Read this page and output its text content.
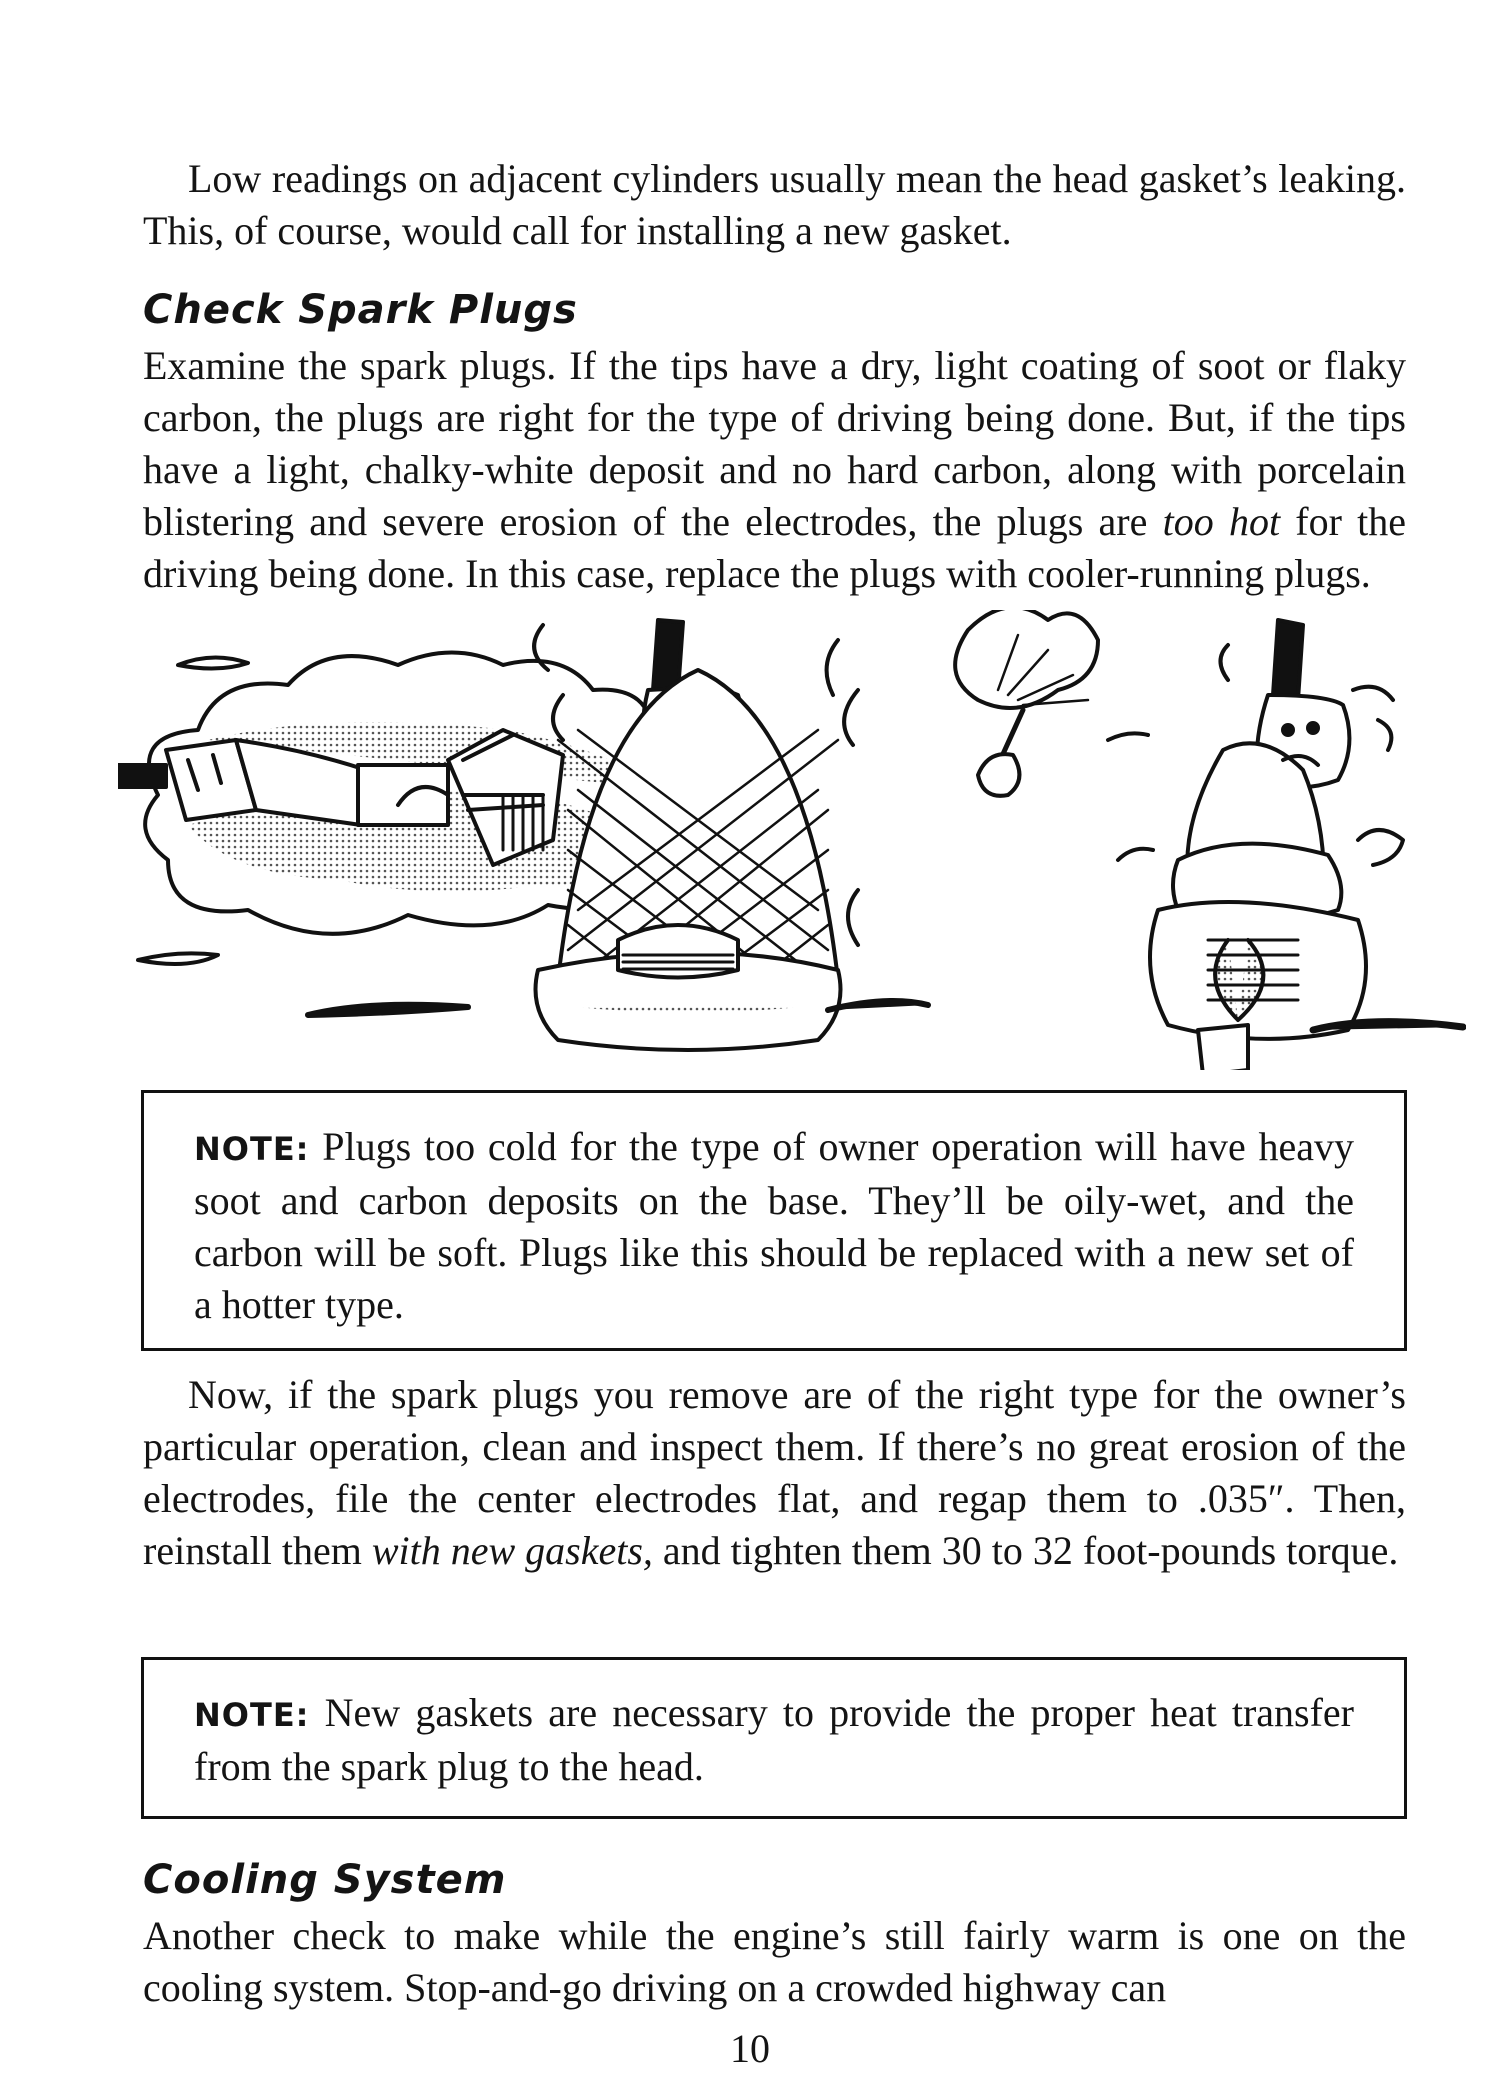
Low readings on adjacent cylinders usually mean the head gasket’s leaking. This, of course, would call for installing a new gasket.

Check Spark Plugs

Examine the spark plugs. If the tips have a dry, light coating of soot or flaky carbon, the plugs are right for the type of driving being done. But, if the tips have a light, chalky-white deposit and no hard carbon, along with porcelain blistering and severe erosion of the electrodes, the plugs are too hot for the driving being done. In this case, replace the plugs with cooler-running plugs.

NOTE: Plugs too cold for the type of owner operation will have heavy soot and carbon deposits on the base. They’ll be oily-wet, and the carbon will be soft. Plugs like this should be replaced with a new set of a hotter type.

Now, if the spark plugs you remove are of the right type for the owner’s particular operation, clean and inspect them. If there’s no great erosion of the electrodes, file the center electrodes flat, and regap them to .035″. Then, reinstall them with new gaskets, and tighten them 30 to 32 foot-pounds torque.

NOTE: New gaskets are necessary to provide the proper heat transfer from the spark plug to the head.

Cooling System

Another check to make while the engine’s still fairly warm is one on the cooling system. Stop-and-go driving on a crowded highway can

10
